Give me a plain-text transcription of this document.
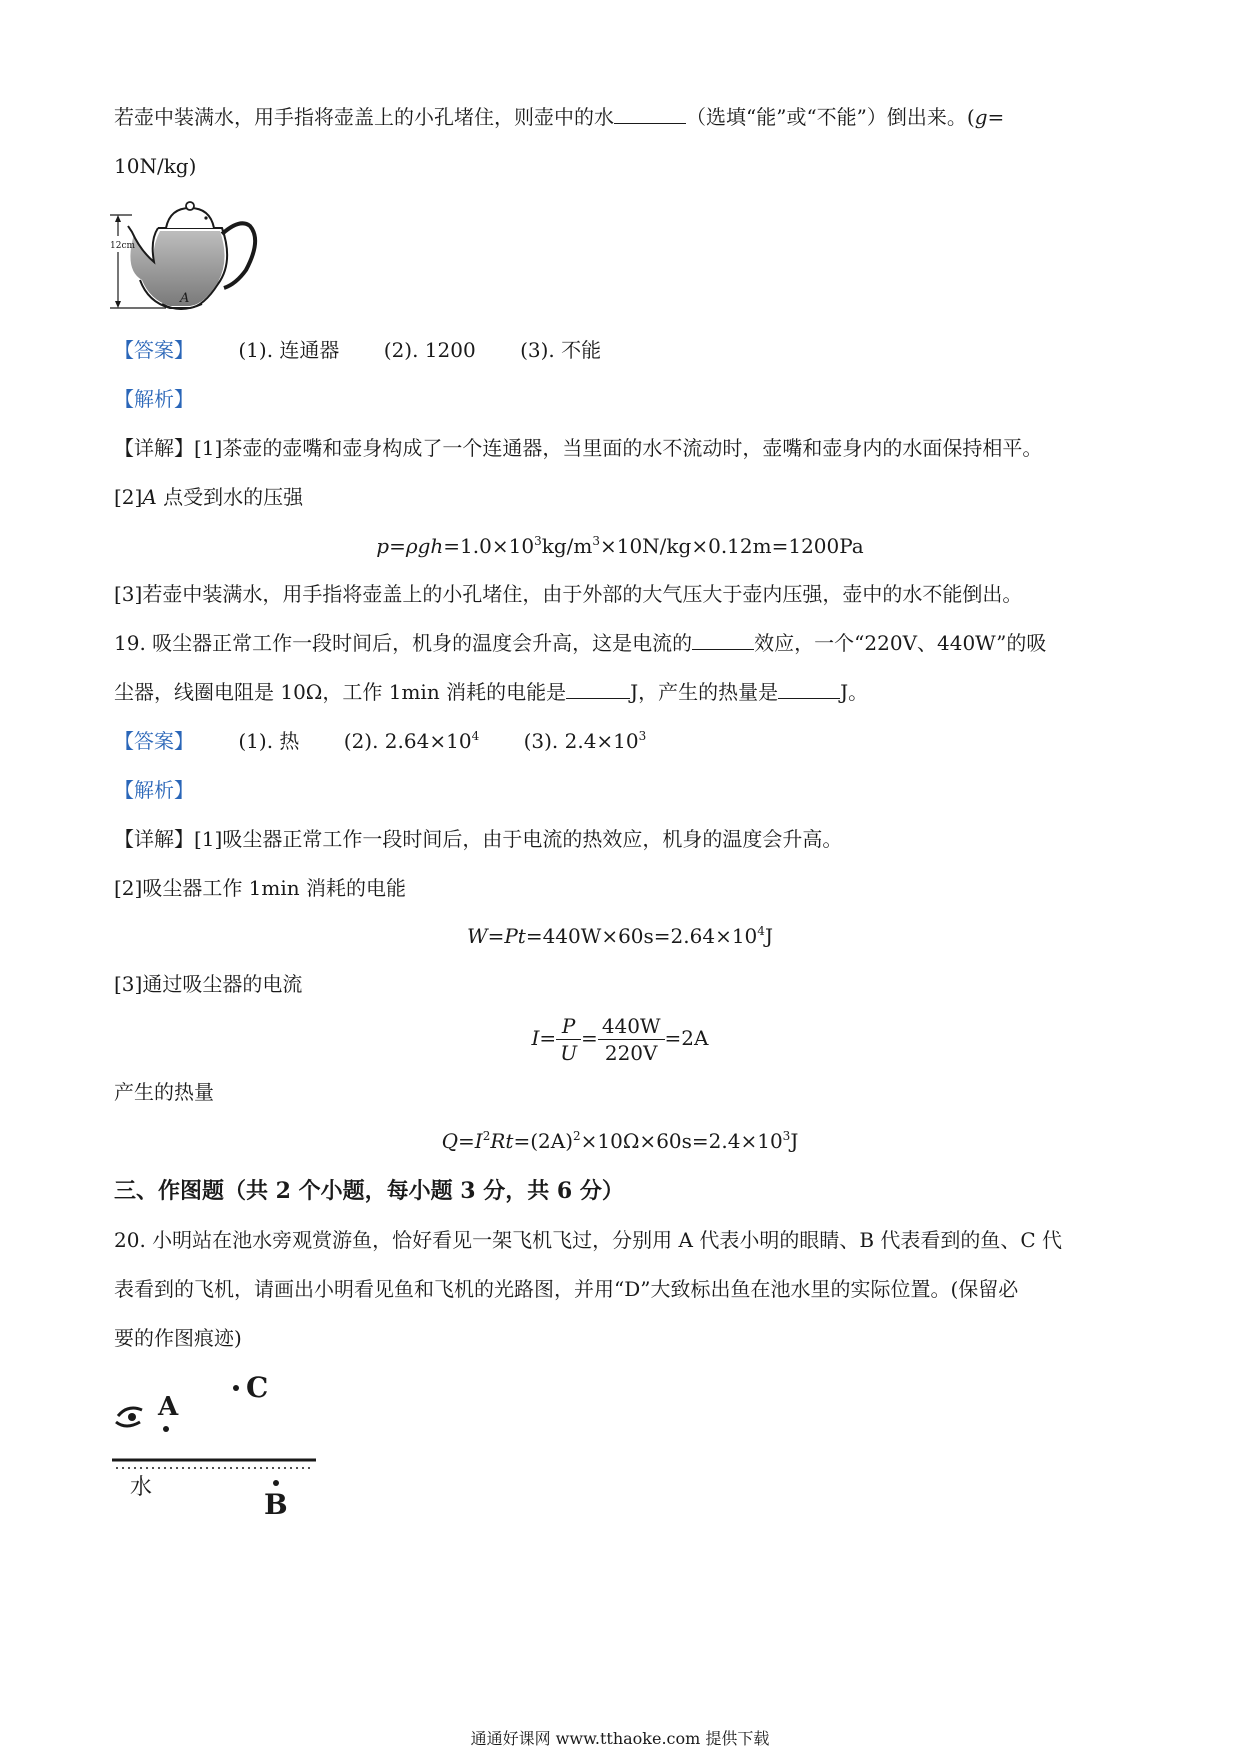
若壶中装满水，用手指将壶盖上的小孔堵住，则壶中的水	（选填“能”或“不能”）倒出来。(g=
10N/kg)
12cm
A
【答案】 (1). 连通器 (2). 1200 (3). 不能
【解析】
【详解】[1]茶壶的壶嘴和壶身构成了一个连通器，当里面的水不流动时，壶嘴和壶身内的水面保持相平。
[2]A 点受到水的压强
$p=\rho gh=1.0\times 10^3kg/m^3\times 10N/kg\times 0.12m=1200Pa$
[3]若壶中装满水，用手指将壶盖上的小孔堵住，由于外部的大气压大于壶内压强，壶中的水不能倒出。
19. 吸尘器正常工作一段时间后，机身的温度会升高，这是电流的	效应，一个“220V、440W”的吸
尘器，线圈电阻是 10Ω，工作 1min 消耗的电能是	J，产生的热量是	J。
【答案】 (1). 热 (2). $2.64\times 10^4$ (3). $2.4\times 10^3$
【解析】
【详解】[1]吸尘器正常工作一段时间后，由于电流的热效应，机身的温度会升高。
[2]吸尘器工作 1min 消耗的电能
$W=Pt=440W\times 60s=2.64\times 10^4J$
[3]通过吸尘器的电流
$I= \frac{P}{U} = \frac{440W}{220V} =2A$
产生的热量
$Q=I^2Rt=(2A)^2\times 10\Omega\times 60s=2.4\times 10^3J$
三、作图题（共 2 个小题，每小题 3 分，共 6 分）
20. 小明站在池水旁观赏游鱼，恰好看见一架飞机飞过，分别用 A 代表小明的眼睛、B 代表看到的鱼、C 代
表看到的飞机，请画出小明看见鱼和飞机的光路图，并用“D”大致标出鱼在池水里的实际位置。(保留必
要的作图痕迹)
A
C
水
B
通通好课网 www.tthaoke.com 提供下载
